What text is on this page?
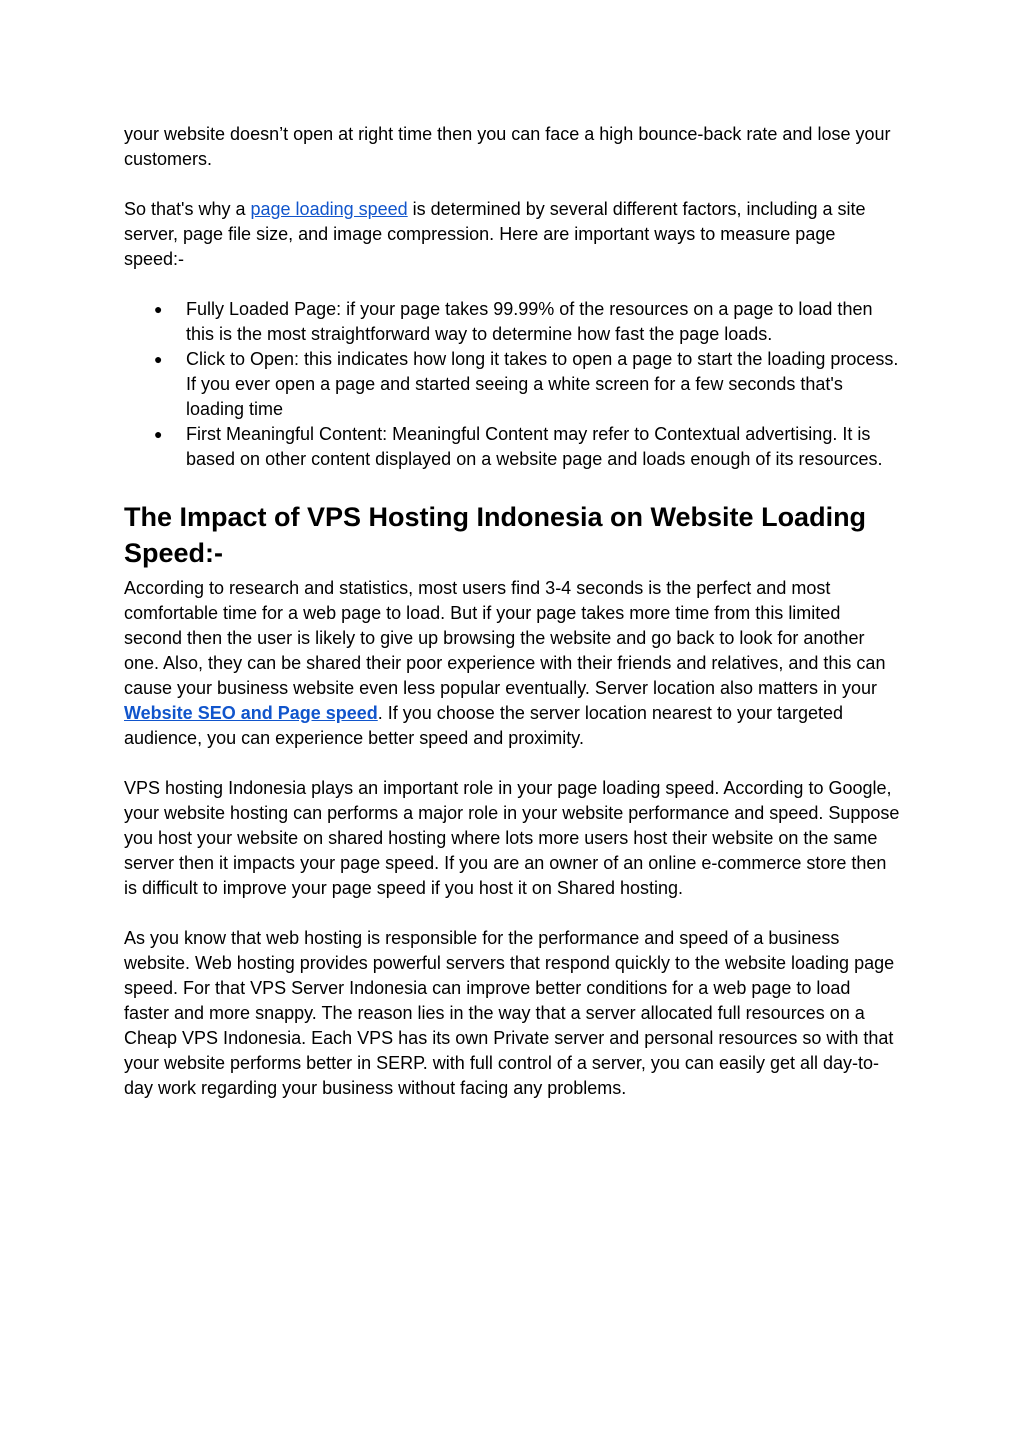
your website doesn’t open at right time then you can face a high bounce-back rate and lose your customers.

So that's why a page loading speed is determined by several different factors, including a site server, page file size, and image compression. Here are important ways to measure page speed:-

● Fully Loaded Page: if your page takes 99.99% of the resources on a page to load then this is the most straightforward way to determine how fast the page loads.
● Click to Open: this indicates how long it takes to open a page to start the loading process. If you ever open a page and started seeing a white screen for a few seconds that's loading time
● First Meaningful Content: Meaningful Content may refer to Contextual advertising. It is based on other content displayed on a website page and loads enough of its resources.
The Impact of VPS Hosting Indonesia on Website Loading Speed:-

According to research and statistics, most users find 3-4 seconds is the perfect and most comfortable time for a web page to load. But if your page takes more time from this limited second then the user is likely to give up browsing the website and go back to look for another one. Also, they can be shared their poor experience with their friends and relatives, and this can cause your business website even less popular eventually. Server location also matters in your Website SEO and Page speed. If you choose the server location nearest to your targeted audience, you can experience better speed and proximity.

VPS hosting Indonesia plays an important role in your page loading speed. According to Google, your website hosting can performs a major role in your website performance and speed. Suppose you host your website on shared hosting where lots more users host their website on the same server then it impacts your page speed. If you are an owner of an online e-commerce store then is difficult to improve your page speed if you host it on Shared hosting.

As you know that web hosting is responsible for the performance and speed of a business website. Web hosting provides powerful servers that respond quickly to the website loading page speed. For that VPS Server Indonesia can improve better conditions for a web page to load faster and more snappy. The reason lies in the way that a server allocated full resources on a Cheap VPS Indonesia. Each VPS has its own Private server and personal resources so with that your website performs better in SERP. with full control of a server, you can easily get all day-to-day work regarding your business without facing any problems.
